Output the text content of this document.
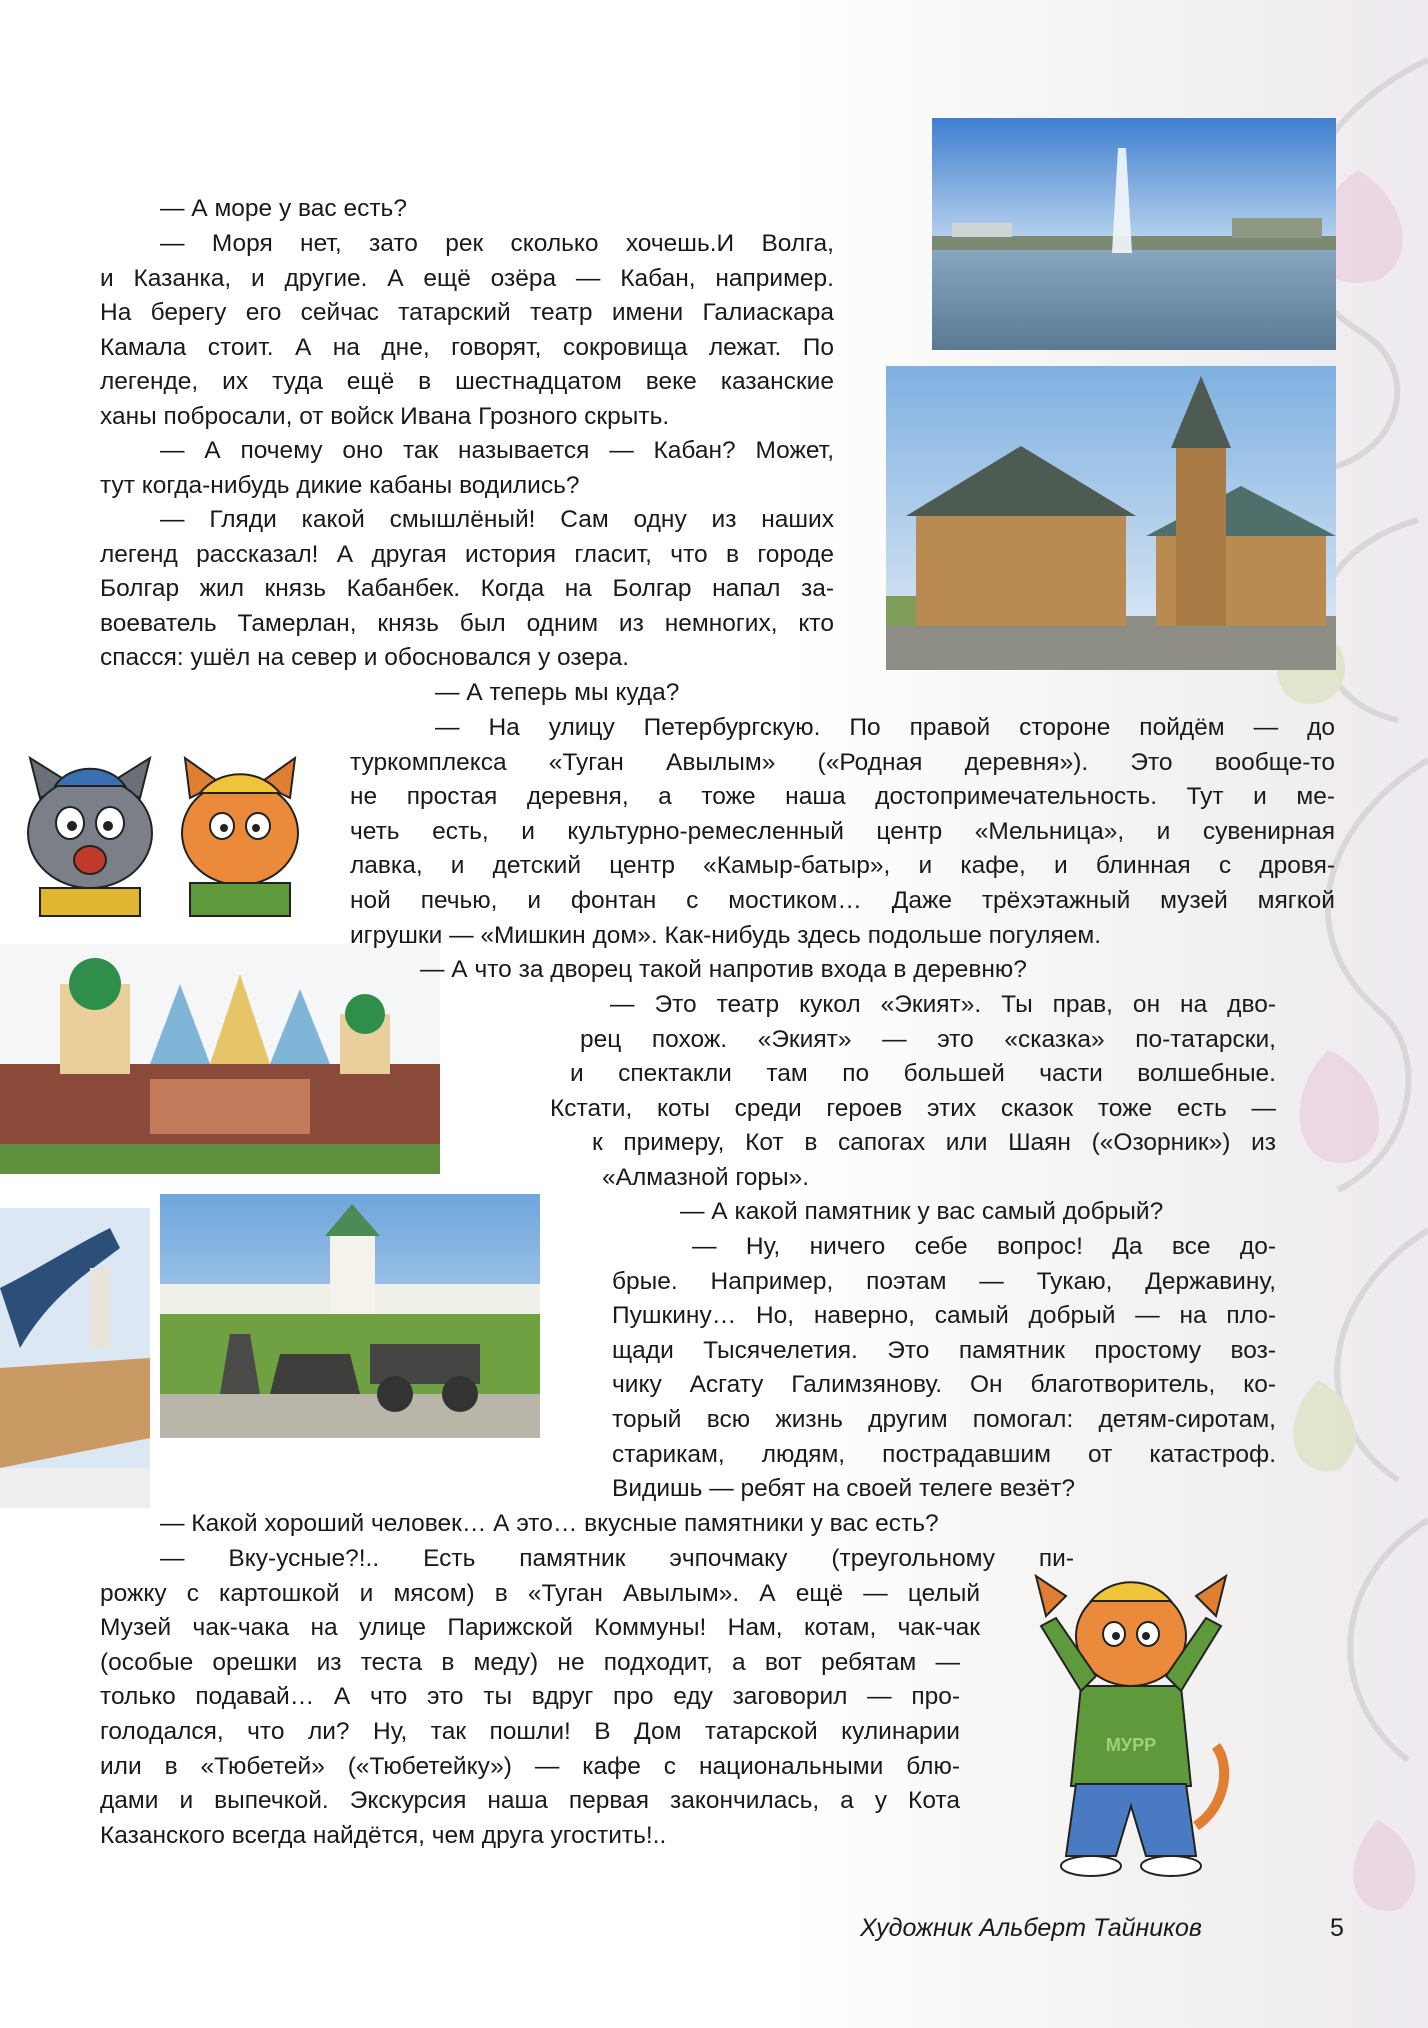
МУРР
— А море у вас есть?
— Моря нет, зато рек сколько хочешь.И Волга,
и Казанка, и другие. А ещё озёра — Кабан, например.
На берегу его сейчас татарский театр имени Галиаскара
Камала стоит. А на дне, говорят, сокровища лежат. По
легенде, их туда ещё в шестнадцатом веке казанские
ханы побросали, от войск Ивана Грозного скрыть.
— А почему оно так называется — Кабан? Может,
тут когда-нибудь дикие кабаны водились?
— Гляди какой смышлёный! Сам одну из наших
легенд рассказал! А другая история гласит, что в городе
Болгар жил князь Кабанбек. Когда на Болгар напал за-
воеватель Тамерлан, князь был одним из немногих, кто
спасся: ушёл на север и обосновался у озера.
— А теперь мы куда?
— На улицу Петербургскую. По правой стороне пойдём — до
туркомплекса «Туган Авылым» («Родная деревня»). Это вообще-то
не простая деревня, а тоже наша достопримечательность. Тут и ме-
четь есть, и культурно-ремесленный центр «Мельница», и сувенирная
лавка, и детский центр «Камыр-батыр», и кафе, и блинная с дровя-
ной печью, и фонтан с мостиком… Даже трёхэтажный музей мягкой
игрушки — «Мишкин дом». Как-нибудь здесь подольше погуляем.
— А что за дворец такой напротив входа в деревню?
— Это театр кукол «Экият». Ты прав, он на дво-
рец похож. «Экият» — это «сказка» по-татарски,
и спектакли там по большей части волшебные.
Кстати, коты среди героев этих сказок тоже есть —
к примеру, Кот в сапогах или Шаян («Озорник») из
«Алмазной горы».
— А какой памятник у вас самый добрый?
— Ну, ничего себе вопрос! Да все до-
брые. Например, поэтам — Тукаю, Державину,
Пушкину… Но, наверно, самый добрый — на пло-
щади Тысячелетия. Это памятник простому воз-
чику Асгату Галимзянову. Он благотворитель, ко-
торый всю жизнь другим помогал: детям-сиротам,
старикам, людям, пострадавшим от катастроф.
Видишь — ребят на своей телеге везёт?
— Какой хороший человек… А это… вкусные памятники у вас есть?
— Вку-усные?!.. Есть памятник эчпочмаку (треугольному пи-
рожку с картошкой и мясом) в «Туган Авылым». А ещё — целый
Музей чак-чака на улице Парижской Коммуны! Нам, котам, чак-чак
(особые орешки из теста в меду) не подходит, а вот ребятам —
только подавай… А что это ты вдруг про еду заговорил — про-
голодался, что ли? Ну, так пошли! В Дом татарской кулинарии
или в «Тюбетей» («Тюбетейку») — кафе с национальными блю-
дами и выпечкой. Экскурсия наша первая закончилась, а у Кота
Казанского всегда найдётся, чем друга угостить!..
Художник Альберт Тайников	5
